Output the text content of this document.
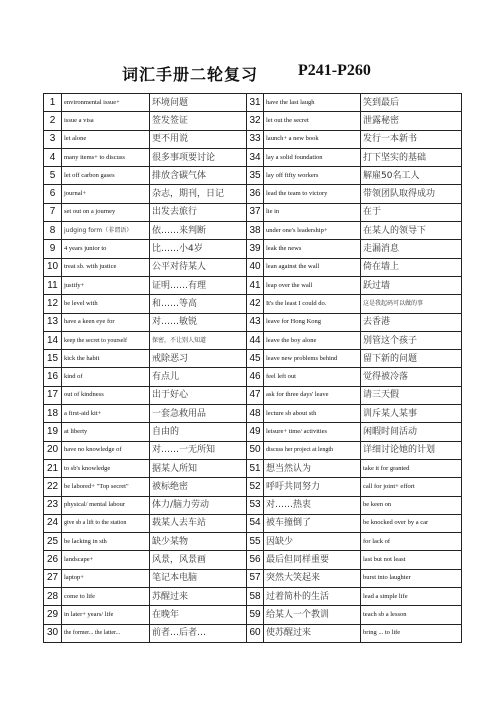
词汇手册二轮复习 P241-P260
1	environmental issue+	环境问题	31	have the last laugh	笑到最后
2	issue a visa	签发签证	32	let out the secret	泄露秘密
3	let alone	更不用说	33	launch+ a new book	发行一本新书
4	many items+ to discuss	很多事项要讨论	34	lay a solid foundation	打下坚实的基础
5	let off carbon gases	排放含碳气体	35	lay off fifty workers	解雇50名工人
6	journal+	杂志，期刊，日记	36	lead the team to victory	带领团队取得成功
7	set out on a journey	出发去旅行	37	lie in	在于
8	judging form（非谓语）	依……来判断	38	under one's leadership+	在某人的领导下
9	4 years junior to	比……小4岁	39	leak the news	走漏消息
10	treat sb. with justice	公平对待某人	40	lean against the wall	倚在墙上
11	justify+	证明……有理	41	leap over the wall	跃过墙
12	be level with	和……等高	42	It's the least I could do.	这是我起码可以做的事
13	have a keen eye for	对……敏锐	43	leave for Hong Kong	去香港
14	keep the secret to yourself	保密，不让别人知道	44	leave the boy alone	别管这个孩子
15	kick the habit	戒除恶习	45	leave new problems behind	留下新的问题
16	kind of	有点儿	46	feel left out	觉得被冷落
17	out of kindness	出于好心	47	ask for three days' leave	请三天假
18	a first-aid kit+	一套急救用品	48	lecture sb about sth	训斥某人某事
19	at liberty	自由的	49	leisure+ time/ activities	闲暇时间活动
20	have no knowledge of	对……一无所知	50	discuss her project at length	详细讨论她的计划
21	to sb's knowledge	据某人所知	51	想当然认为	take it for granted
22	be labored+ "Top secret"	被标绝密	52	呼吁共同努力	call for joint+ effort
23	physical/ mental labour	体力/脑力劳动	53	对……热衷	be keen on
24	give sb a lift to the station	载某人去车站	54	被车撞倒了	be knocked over by a car
25	be lacking in sth	缺少某物	55	因缺少	for lack of
26	landscape+	风景，风景画	56	最后但同样重要	last but not least
27	laptop+	笔记本电脑	57	突然大笑起来	burst into laughter
28	come to life	苏醒过来	58	过着简朴的生活	lead a simple life
29	in later+ years/ life	在晚年	59	给某人一个教训	teach sb a lesson
30	the former... the latter...	前者…后者…	60	使苏醒过来	bring ... to life
